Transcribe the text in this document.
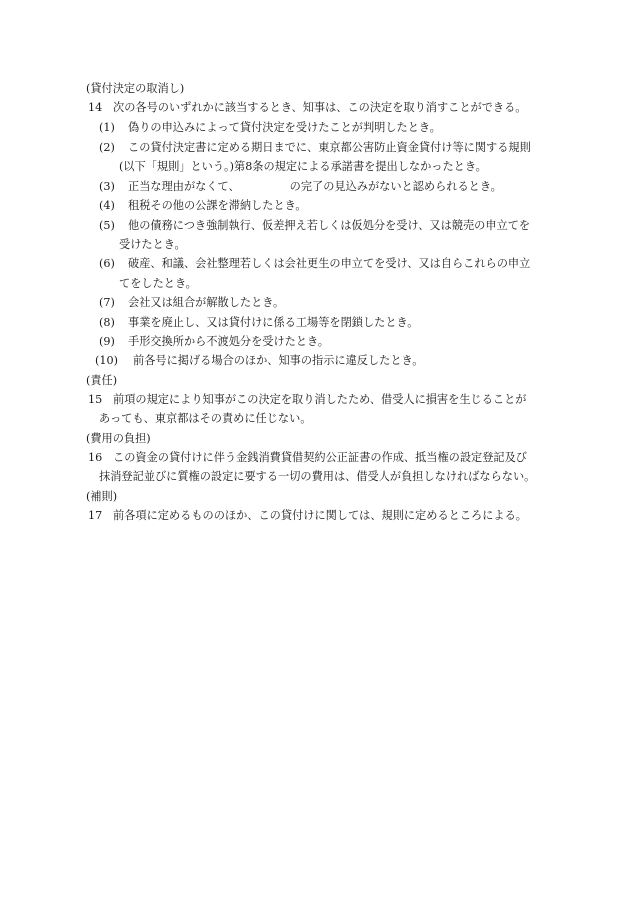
(貸付決定の取消し)
14 次の各号のいずれかに該当するとき、知事は、この決定を取り消すことができる。
(1) 偽りの申込みによって貸付決定を受けたことが判明したとき。
(2) この貸付決定書に定める期日までに、東京都公害防止資金貸付け等に関する規則
(以下「規則」という。)第8条の規定による承諾書を提出しなかったとき。
(3) 正当な理由がなくて、	の完了の見込みがないと認められるとき。
(4) 租税その他の公課を滞納したとき。
(5) 他の債務につき強制執行、仮差押え若しくは仮処分を受け、又は競売の申立てを
受けたとき。
(6) 破産、和議、会社整理若しくは会社更生の申立てを受け、又は自らこれらの申立
てをしたとき。
(7) 会社又は組合が解散したとき。
(8) 事業を廃止し、又は貸付けに係る工場等を閉鎖したとき。
(9) 手形交換所から不渡処分を受けたとき。
(10) 前各号に掲げる場合のほか、知事の指示に違反したとき。
(責任)
15 前項の規定により知事がこの決定を取り消したため、借受人に損害を生じることが
あっても、東京都はその責めに任じない。
(費用の負担)
16 この資金の貸付けに伴う金銭消費貸借契約公正証書の作成、抵当権の設定登記及び
抹消登記並びに質権の設定に要する一切の費用は、借受人が負担しなければならない。
(補則)
17 前各項に定めるもののほか、この貸付けに関しては、規則に定めるところによる。
